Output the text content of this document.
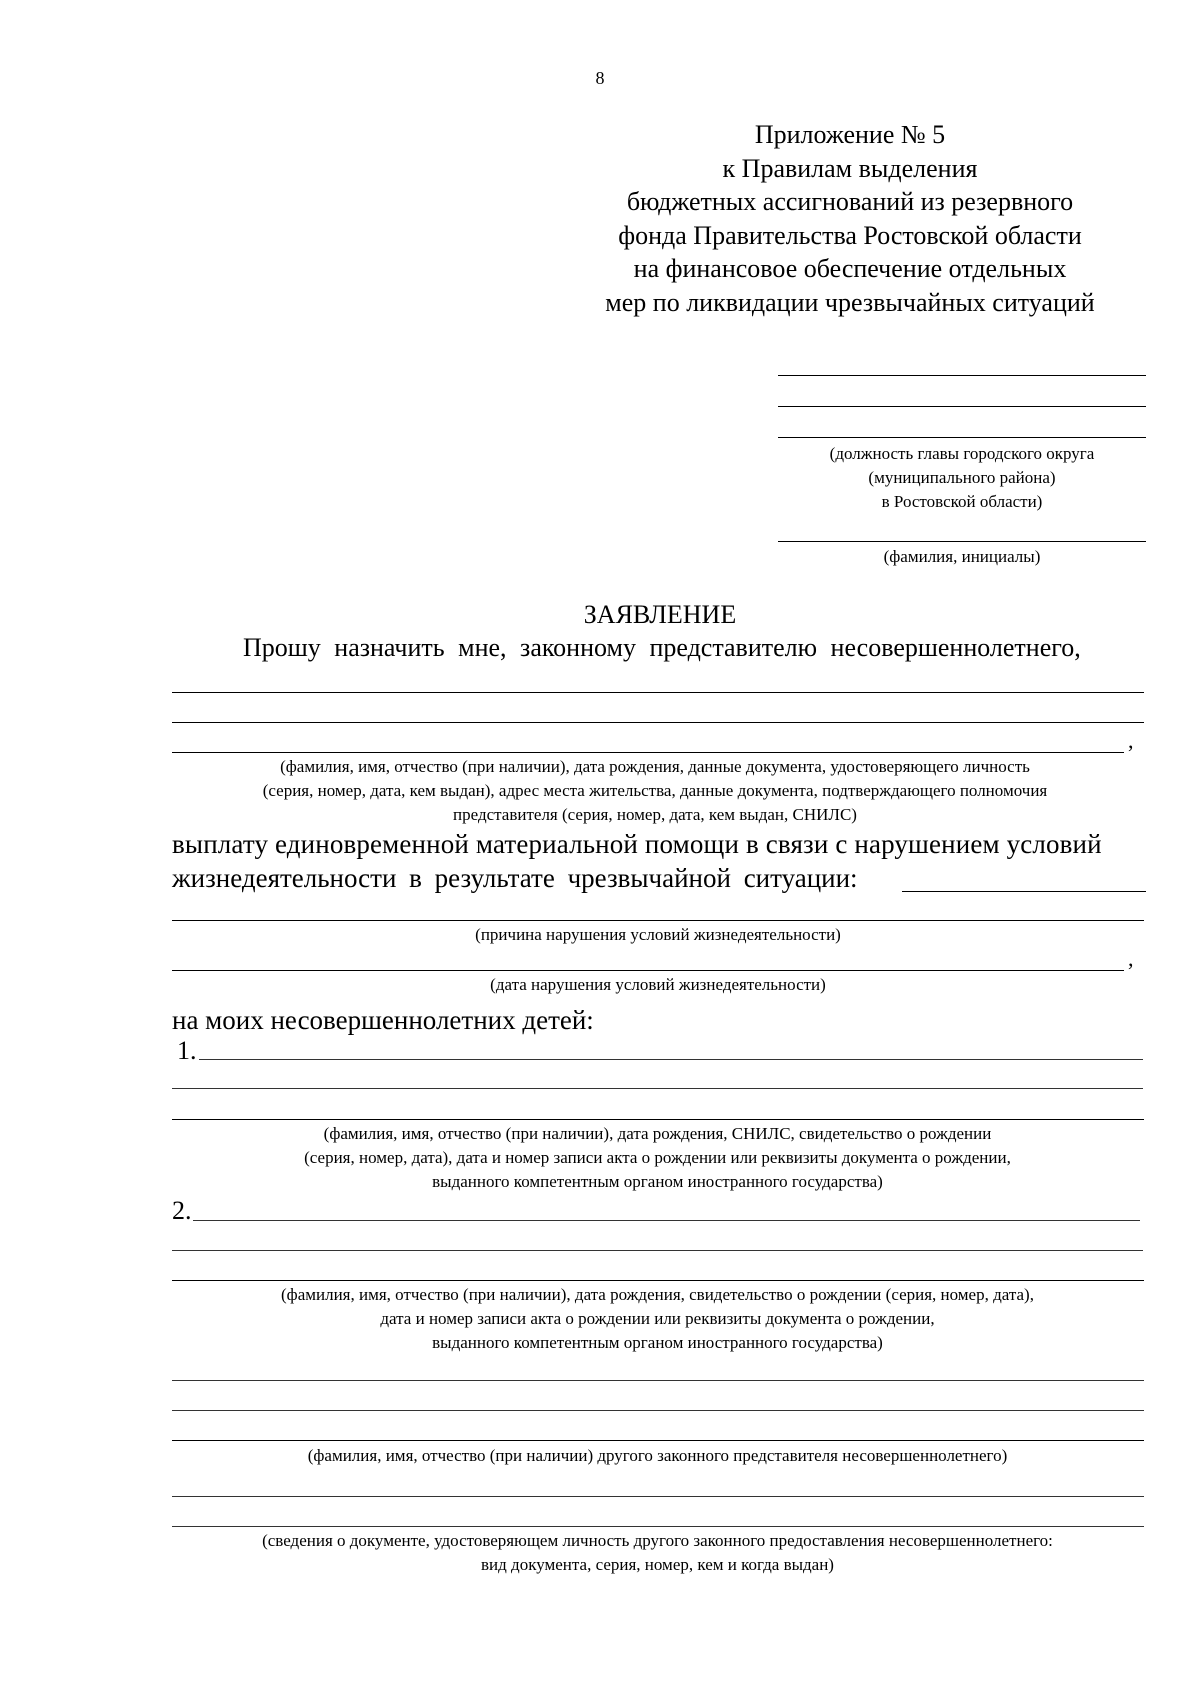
8
Приложение № 5
к Правилам выделения
бюджетных ассигнований из резервного
фонда Правительства Ростовской области
на финансовое обеспечение отдельных
мер по ликвидации чрезвычайных ситуаций
(должность главы городского округа
(муниципального района)
в Ростовской области)
(фамилия, инициалы)
ЗАЯВЛЕНИЕ
Прошу назначить мне, законному представителю несовершеннолетнего,
,
(фамилия, имя, отчество (при наличии), дата рождения, данные документа, удостоверяющего личность
(серия, номер, дата, кем выдан), адрес места жительства, данные документа, подтверждающего полномочия
представителя (серия, номер, дата, кем выдан, СНИЛС)
выплату единовременной материальной помощи в связи с нарушением условий
жизнедеятельности в результате чрезвычайной ситуации:
(причина нарушения условий жизнедеятельности)
,
(дата нарушения условий жизнедеятельности)
на моих несовершеннолетних детей:
1.
(фамилия, имя, отчество (при наличии), дата рождения, СНИЛС, свидетельство о рождении
(серия, номер, дата), дата и номер записи акта о рождении или реквизиты документа о рождении,
выданного компетентным органом иностранного государства)
2.
(фамилия, имя, отчество (при наличии), дата рождения, свидетельство о рождении (серия, номер, дата),
дата и номер записи акта о рождении или реквизиты документа о рождении,
выданного компетентным органом иностранного государства)
(фамилия, имя, отчество (при наличии) другого законного представителя несовершеннолетнего)
(сведения о документе, удостоверяющем личность другого законного предоставления несовершеннолетнего:
вид документа, серия, номер, кем и когда выдан)
